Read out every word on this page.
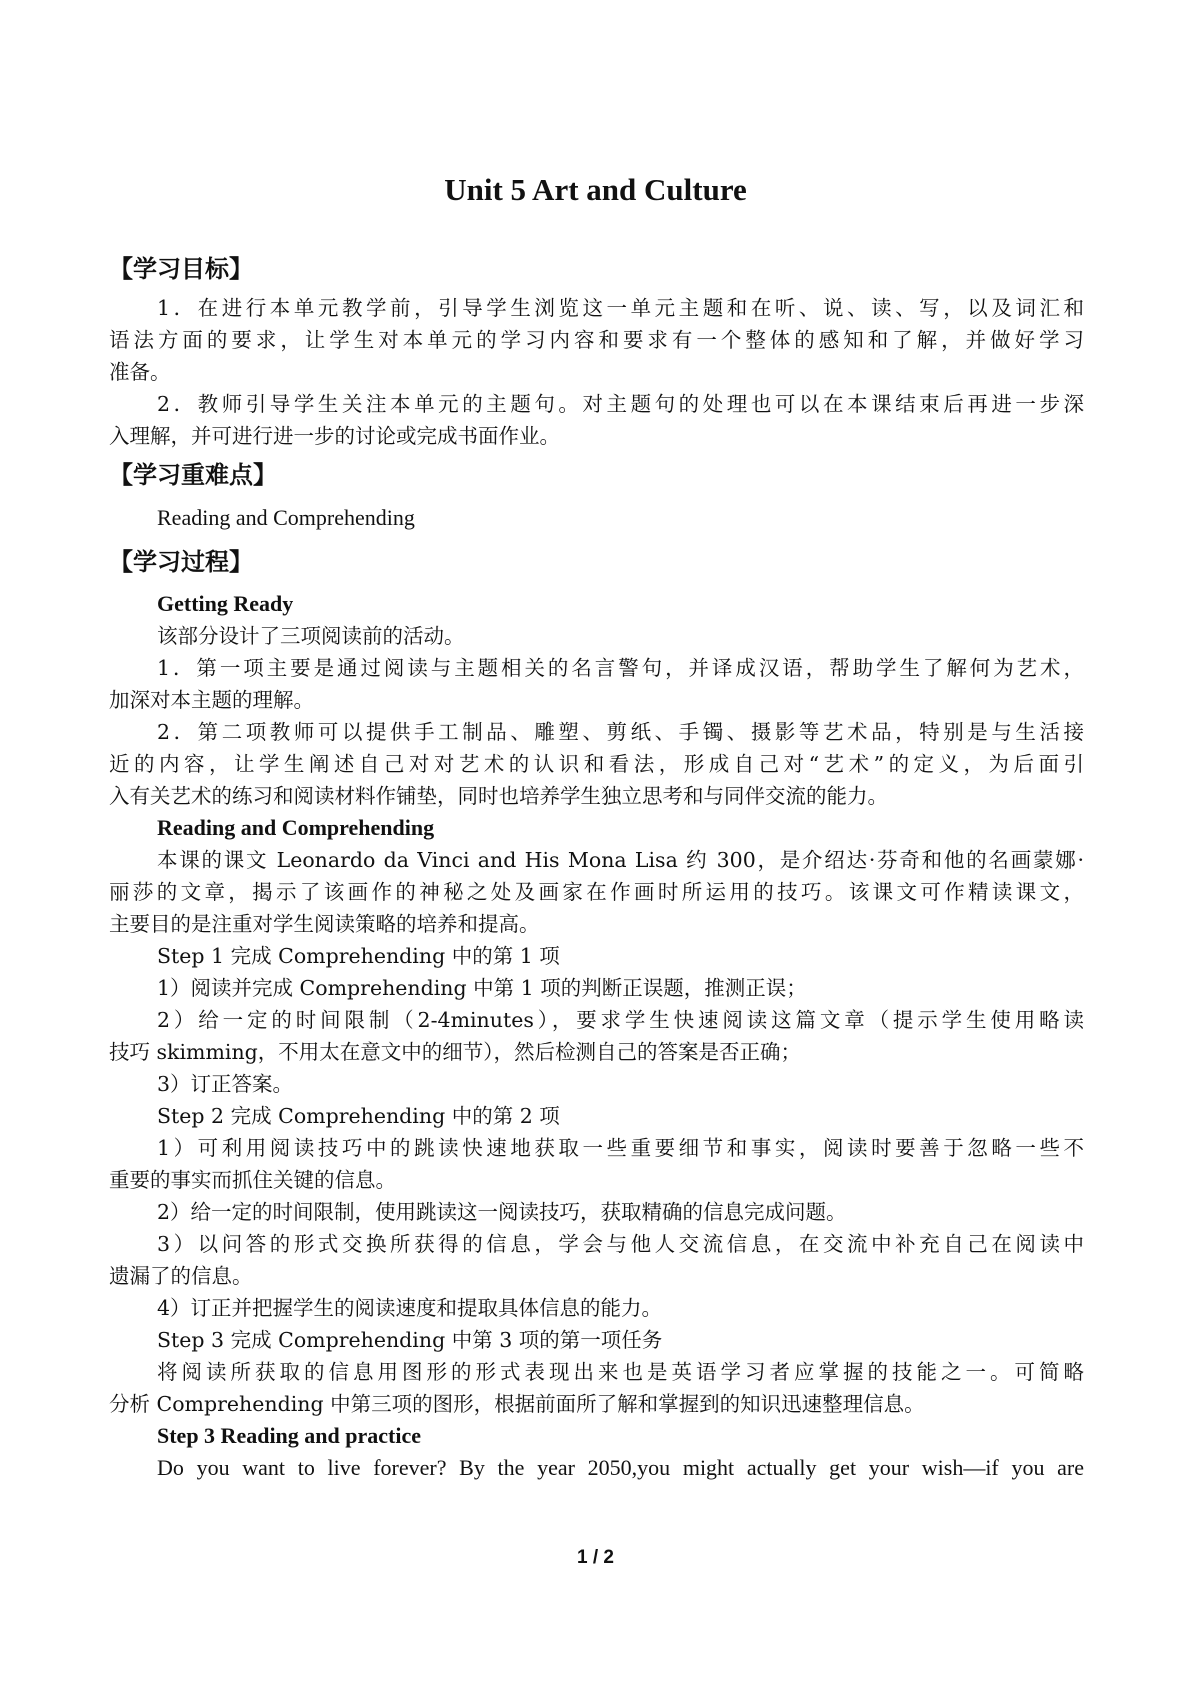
Unit 5 Art and Culture
【学习目标】
1．在进行本单元教学前，引导学生浏览这一单元主题和在听、说、读、写，以及词汇和
语法方面的要求，让学生对本单元的学习内容和要求有一个整体的感知和了解，并做好学习
准备。
2．教师引导学生关注本单元的主题句。对主题句的处理也可以在本课结束后再进一步深
入理解，并可进行进一步的讨论或完成书面作业。
【学习重难点】
Reading and Comprehending
【学习过程】
Getting Ready
该部分设计了三项阅读前的活动。
1．第一项主要是通过阅读与主题相关的名言警句，并译成汉语，帮助学生了解何为艺术，
加深对本主题的理解。
2．第二项教师可以提供手工制品、雕塑、剪纸、手镯、摄影等艺术品，特别是与生活接
近的内容，让学生阐述自己对对艺术的认识和看法，形成自己对“艺术”的定义，为后面引
入有关艺术的练习和阅读材料作铺垫，同时也培养学生独立思考和与同伴交流的能力。
Reading and Comprehending
本课的课文 Leonardo da Vinci and His Mona Lisa 约 300，是介绍达·芬奇和他的名画蒙娜·
丽莎的文章，揭示了该画作的神秘之处及画家在作画时所运用的技巧。该课文可作精读课文，
主要目的是注重对学生阅读策略的培养和提高。
Step 1 完成 Comprehending 中的第 1 项
1）阅读并完成 Comprehending 中第 1 项的判断正误题，推测正误；
2）给一定的时间限制（2-4minutes），要求学生快速阅读这篇文章（提示学生使用略读
技巧 skimming，不用太在意文中的细节），然后检测自己的答案是否正确；
3）订正答案。
Step 2 完成 Comprehending 中的第 2 项
1）可利用阅读技巧中的跳读快速地获取一些重要细节和事实，阅读时要善于忽略一些不
重要的事实而抓住关键的信息。
2）给一定的时间限制，使用跳读这一阅读技巧，获取精确的信息完成问题。
3）以问答的形式交换所获得的信息，学会与他人交流信息，在交流中补充自己在阅读中
遗漏了的信息。
4）订正并把握学生的阅读速度和提取具体信息的能力。
Step 3 完成 Comprehending 中第 3 项的第一项任务
将阅读所获取的信息用图形的形式表现出来也是英语学习者应掌握的技能之一。可简略
分析 Comprehending 中第三项的图形，根据前面所了解和掌握到的知识迅速整理信息。
Step 3 Reading and practice
Do you want to live forever? By the year 2050,you might actually get your wish—if you are
1 / 2
